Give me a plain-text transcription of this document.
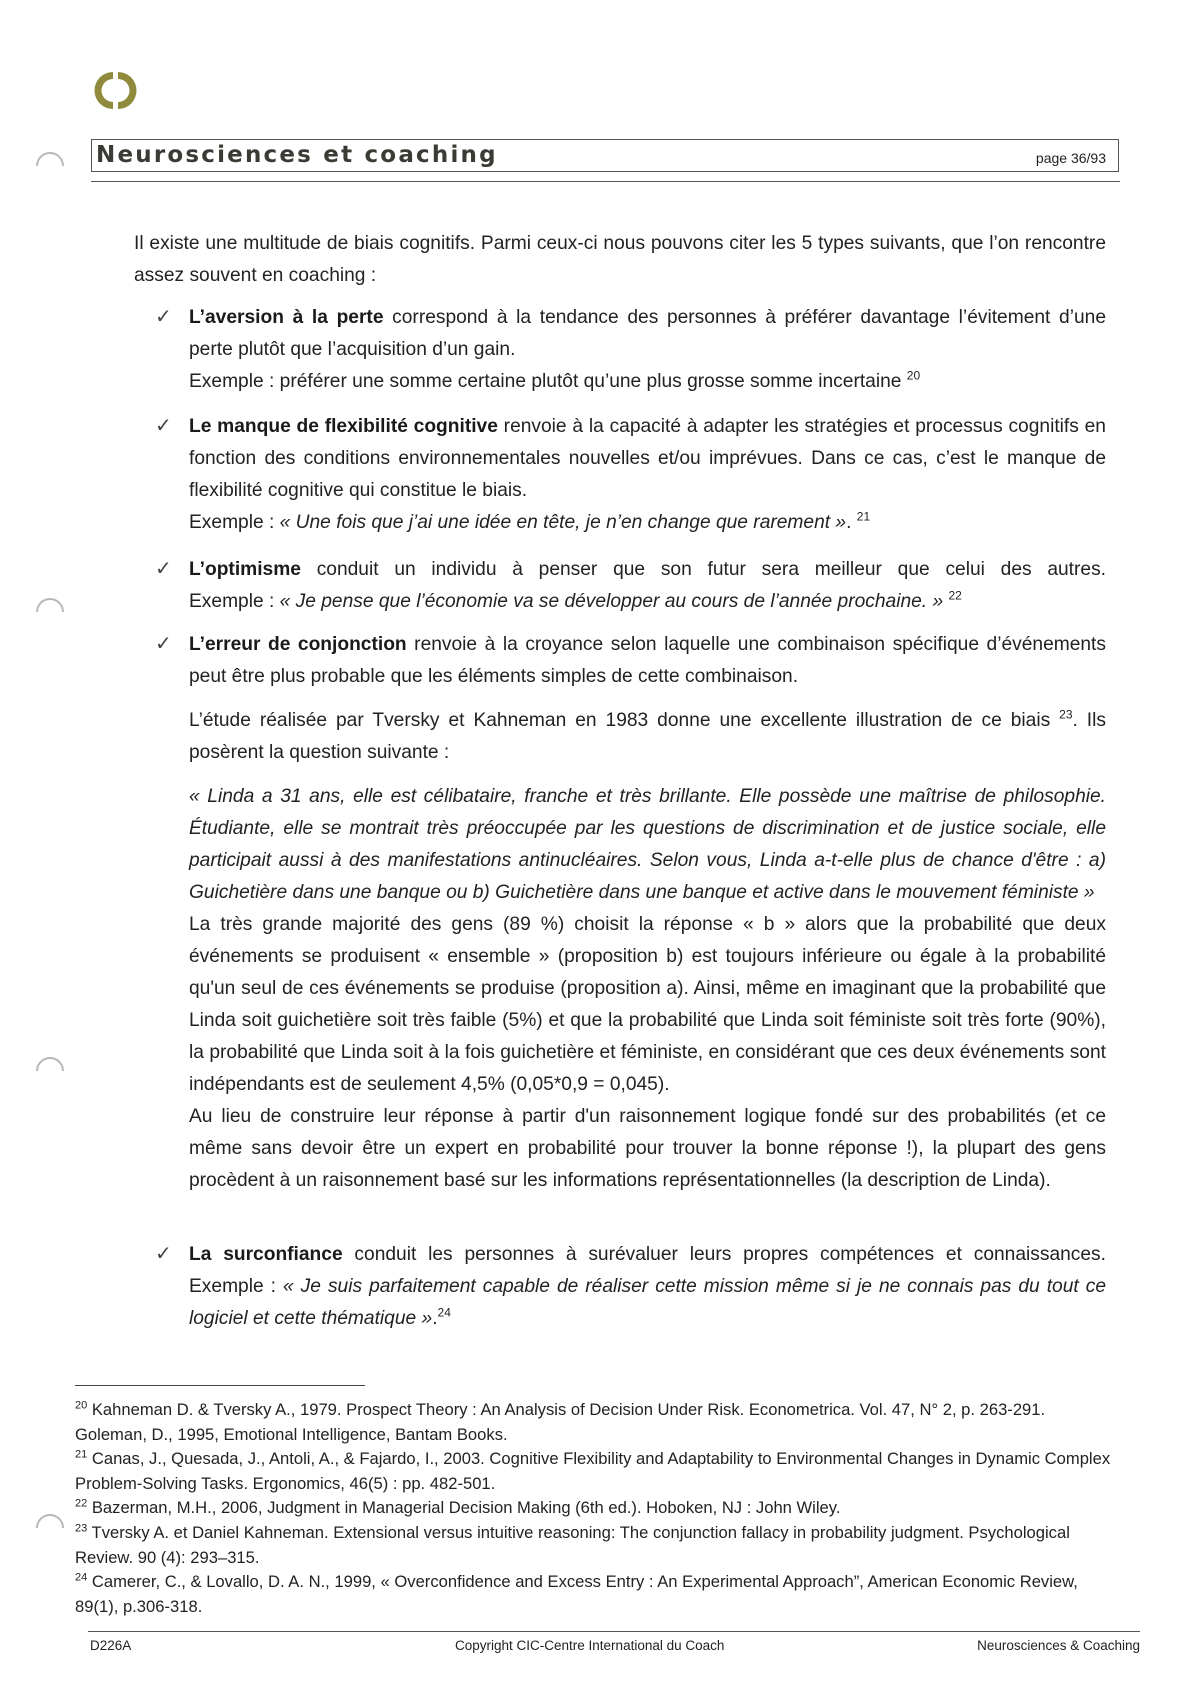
Neurosciences et coaching	page 36/93

Il existe une multitude de biais cognitifs. Parmi ceux-ci nous pouvons citer les 5 types suivants, que l’on rencontre assez souvent en coaching :

✓ L’aversion à la perte correspond à la tendance des personnes à préférer davantage l’évitement d’une perte plutôt que l’acquisition d’un gain.

Exemple : préférer une somme certaine plutôt qu’une plus grosse somme incertaine $^{20}$

✓ Le manque de flexibilité cognitive renvoie à la capacité à adapter les stratégies et processus cognitifs en fonction des conditions environnementales nouvelles et/ou imprévues. Dans ce cas, c’est le manque de flexibilité cognitive qui constitue le biais.

Exemple : « Une fois que j’ai une idée en tête, je n’en change que rarement ». $^{21}$

✓ L’optimisme conduit un individu à penser que son futur sera meilleur que celui des autres.

Exemple : « Je pense que l’économie va se développer au cours de l’année prochaine. » $^{22}$

✓ L’erreur de conjonction renvoie à la croyance selon laquelle une combinaison spécifique d’événements peut être plus probable que les éléments simples de cette combinaison.

L’étude réalisée par Tversky et Kahneman en 1983 donne une excellente illustration de ce biais $^{23}$. Ils posèrent la question suivante :

« Linda a 31 ans, elle est célibataire, franche et très brillante. Elle possède une maîtrise de philosophie. Étudiante, elle se montrait très préoccupée par les questions de discrimination et de justice sociale, elle participait aussi à des manifestations antinucléaires. Selon vous, Linda a-t-elle plus de chance d'être : a) Guichetière dans une banque ou b) Guichetière dans une banque et active dans le mouvement féministe »

La très grande majorité des gens (89 %) choisit la réponse « b » alors que la probabilité que deux événements se produisent « ensemble » (proposition b) est toujours inférieure ou égale à la probabilité qu'un seul de ces événements se produise (proposition a). Ainsi, même en imaginant que la probabilité que Linda soit guichetière soit très faible (5%) et que la probabilité que Linda soit féministe soit très forte (90%), la probabilité que Linda soit à la fois guichetière et féministe, en considérant que ces deux événements sont indépendants est de seulement 4,5% (0,05*0,9 = 0,045).

Au lieu de construire leur réponse à partir d'un raisonnement logique fondé sur des probabilités (et ce même sans devoir être un expert en probabilité pour trouver la bonne réponse !), la plupart des gens procèdent à un raisonnement basé sur les informations représentationnelles (la description de Linda).

✓ La surconfiance conduit les personnes à surévaluer leurs propres compétences et connaissances.

Exemple : « Je suis parfaitement capable de réaliser cette mission même si je ne connais pas du tout ce logiciel et cette thématique ».$^{24}$

$^{20}$ Kahneman D. & Tversky A., 1979. Prospect Theory : An Analysis of Decision Under Risk. Econometrica. Vol. 47, N° 2, p. 263-291. Goleman, D., 1995, Emotional Intelligence, Bantam Books.
$^{21}$ Canas, J., Quesada, J., Antoli, A., & Fajardo, I., 2003. Cognitive Flexibility and Adaptability to Environmental Changes in Dynamic Complex Problem-Solving Tasks. Ergonomics, 46(5) : pp. 482-501.
$^{22}$ Bazerman, M.H., 2006, Judgment in Managerial Decision Making (6th ed.). Hoboken, NJ : John Wiley.
$^{23}$ Tversky A. et Daniel Kahneman. Extensional versus intuitive reasoning: The conjunction fallacy in probability judgment. Psychological Review. 90 (4): 293–315.
$^{24}$ Camerer, C., & Lovallo, D. A. N., 1999, « Overconfidence and Excess Entry : An Experimental Approach”, American Economic Review, 89(1), p.306-318.
D226A	Copyright CIC-Centre International du Coach	Neurosciences & Coaching
